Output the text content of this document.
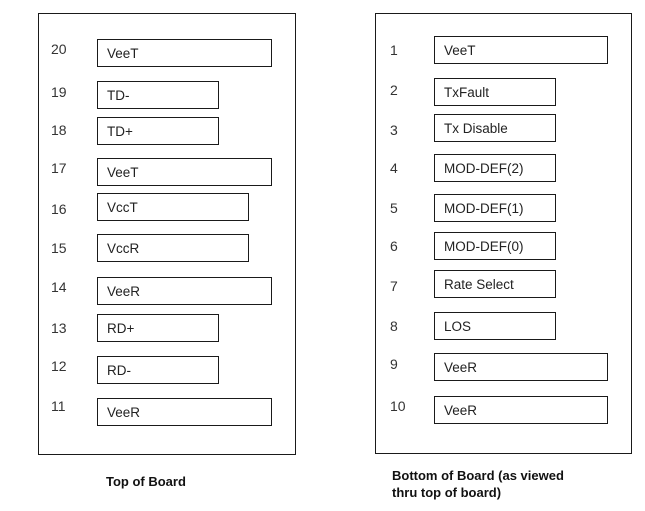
20	VeeT
19	TD-
18	TD+
17	VeeT
16	VccT
15	VccR
14	VeeR
13	RD+
12	RD-
11	VeeR
1	VeeT
2	TxFault
3	Tx Disable
4	MOD-DEF(2)
5	MOD-DEF(1)
6	MOD-DEF(0)
7	Rate Select
8	LOS
9	VeeR
10	VeeR
Top of Board	Bottom of Board (as viewed
thru top of board)
